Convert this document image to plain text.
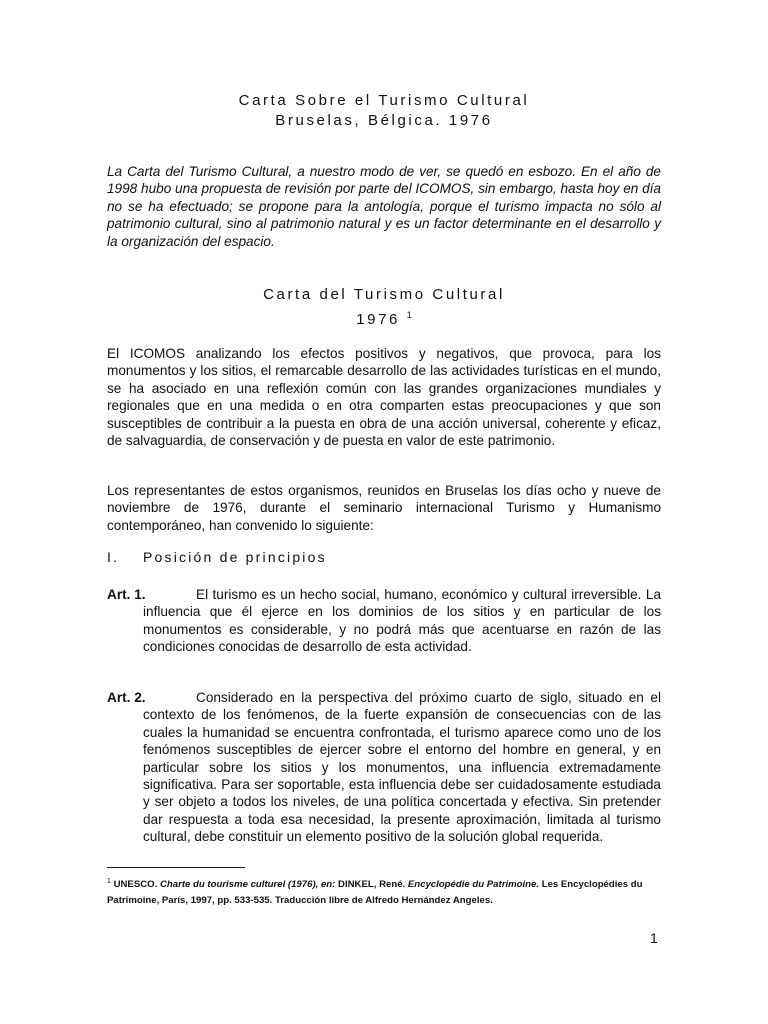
Carta Sobre el Turismo Cultural
Bruselas, Bélgica. 1976
La Carta del Turismo Cultural, a nuestro modo de ver, se quedó en esbozo. En el año de 1998 hubo una propuesta de revisión por parte del ICOMOS, sin embargo, hasta hoy en día no se ha efectuado; se propone para la antología, porque el turismo impacta no sólo al patrimonio cultural, sino al patrimonio natural y es un factor determinante en el desarrollo y la organización del espacio.
Carta del Turismo Cultural
1976 $^1$
El ICOMOS analizando los efectos positivos y negativos, que provoca, para los monumentos y los sitios, el remarcable desarrollo de las actividades turísticas en el mundo, se ha asociado en una reflexión común con las grandes organizaciones mundiales y regionales que en una medida o en otra comparten estas preocupaciones y que son susceptibles de contribuir a la puesta en obra de una acción universal, coherente y eficaz, de salvaguardia, de conservación y de puesta en valor de este patrimonio.
Los representantes de estos organismos, reunidos en Bruselas los días ocho y nueve de noviembre de 1976, durante el seminario internacional Turismo y Humanismo contemporáneo, han convenido lo siguiente:
I. Posición de principios
Art. 1.	El turismo es un hecho social, humano, económico y cultural irreversible. La influencia que él ejerce en los dominios de los sitios y en particular de los monumentos es considerable, y no podrá más que acentuarse en razón de las condiciones conocidas de desarrollo de esta actividad.
Art. 2.	Considerado en la perspectiva del próximo cuarto de siglo, situado en el contexto de los fenómenos, de la fuerte expansión de consecuencias con de las cuales la humanidad se encuentra confrontada, el turismo aparece como uno de los fenómenos susceptibles de ejercer sobre el entorno del hombre en general, y en particular sobre los sitios y los monumentos, una influencia extremadamente significativa. Para ser soportable, esta influencia debe ser cuidadosamente estudiada y ser objeto a todos los niveles, de una política concertada y efectiva. Sin pretender dar respuesta a toda esa necesidad, la presente aproximación, limitada al turismo cultural, debe constituir un elemento positivo de la solución global requerida.
$^1$ UNESCO. Charte du tourisme culturel (1976), en: DINKEL, René. Encyclopédie du Patrimoine. Les Encyclopédies du Patrimoine, París, 1997, pp. 533-535. Traducción libre de Alfredo Hernández Angeles.
1
